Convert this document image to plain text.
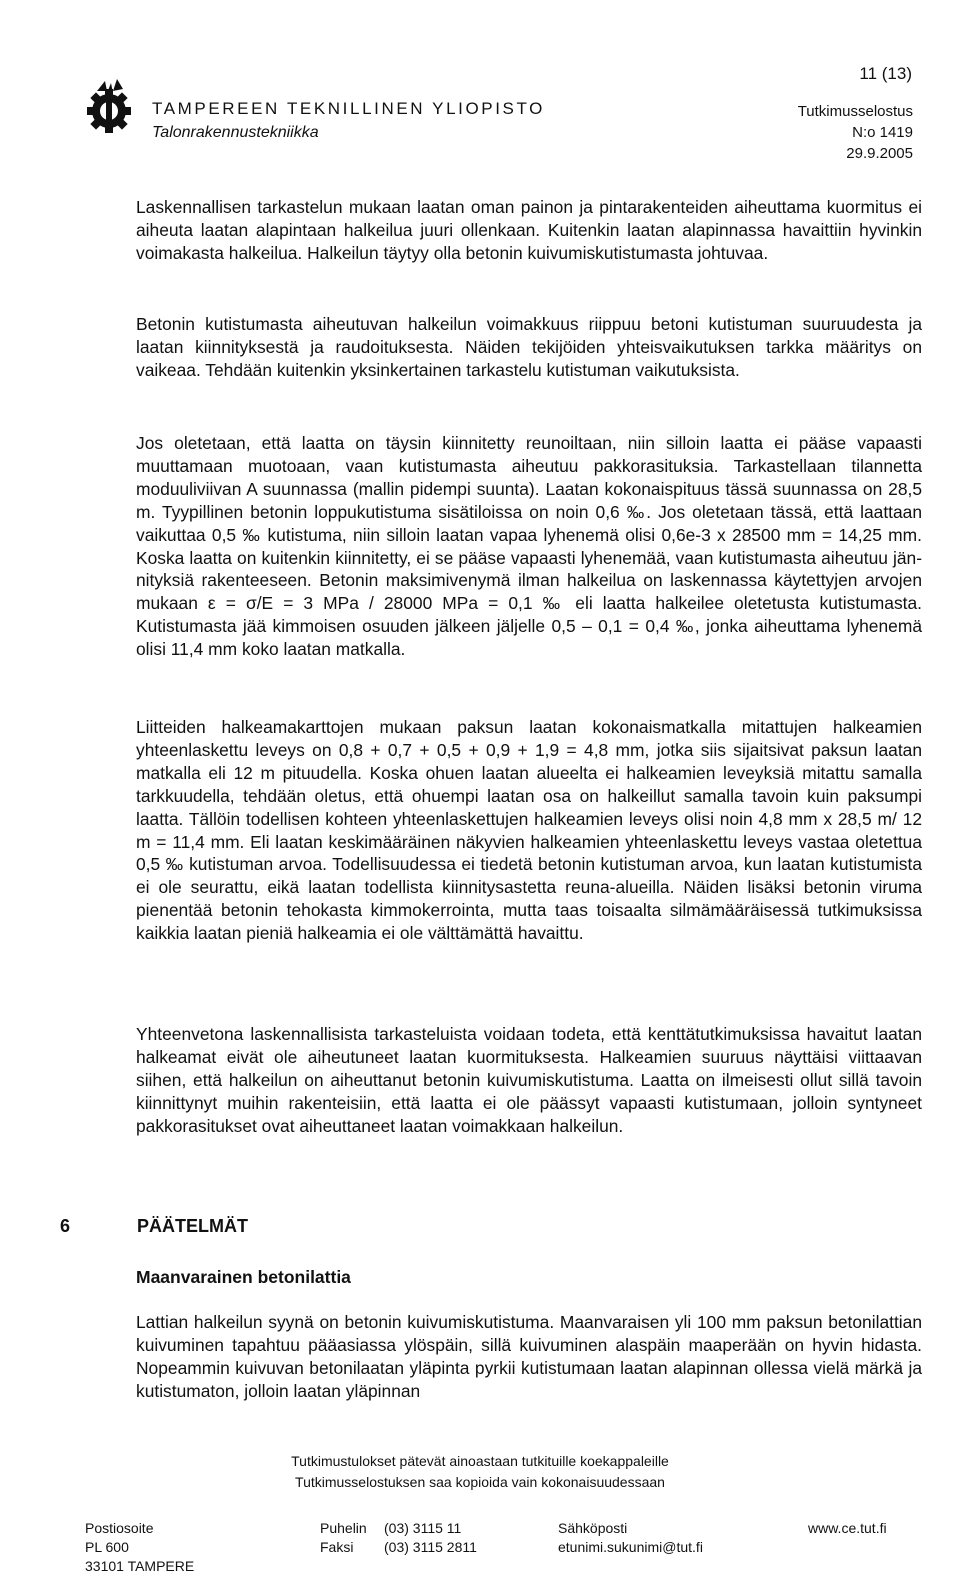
TAMPEREEN TEKNILLINEN YLIOPISTO
Talonrakennustekniikka
11 (13)
Tutkimusselostus
N:o 1419
29.9.2005

Laskennallisen tarkastelun mukaan laatan oman painon ja pintarakenteiden aiheuttama kuormitus ei aiheuta laatan alapintaan halkeilua juuri ollenkaan. Kuitenkin laatan alapinnassa havaittiin hyvinkin voimakasta halkeilua. Halkeilun täytyy olla betonin kuivumiskutistumasta johtuvaa.

Betonin kutistumasta aiheutuvan halkeilun voimakkuus riippuu betoni kutistuman suuruudesta ja laatan kiinnityksestä ja raudoituksesta. Näiden tekijöiden yhteisvaikutuksen tarkka määritys on vaikeaa. Tehdään kuitenkin yksinkertainen tarkastelu kutistuman vaikutuksista.

Jos oletetaan, että laatta on täysin kiinnitetty reunoiltaan, niin silloin laatta ei pääse vapaasti muuttamaan muotoaan, vaan kutistumasta aiheutuu pakkorasituksia. Tarkastellaan tilannetta moduuliviivan A suunnassa (mallin pidempi suunta). Laatan kokonaispituus tässä suunnassa on 28,5 m. Tyypillinen betonin loppukutistuma sisätiloissa on noin 0,6 ‰. Jos oletetaan tässä, että laattaan vaikuttaa 0,5 ‰ kutistuma, niin silloin laatan vapaa lyhenemä olisi 0,6e-3 x 28500 mm = 14,25 mm. Koska laatta on kuitenkin kiinnitetty, ei se pääse vapaasti lyhenemää, vaan kutistumasta aiheutuu jännityksiä rakenteeseen. Betonin maksimivenymä ilman halkeilua on laskennassa käytettyjen arvojen mukaan ε = σ/E = 3 MPa / 28000 MPa = 0,1 ‰ eli laatta halkeilee oletetusta kutistumasta. Kutistumasta jää kimmoisen osuuden jälkeen jäljelle 0,5 – 0,1 = 0,4 ‰, jonka aiheuttama lyhenemä olisi 11,4 mm koko laatan matkalla.

Liitteiden halkeamakarttojen mukaan paksun laatan kokonaismatkalla mitattujen halkeamien yhteenlaskettu leveys on 0,8 + 0,7 + 0,5 + 0,9 + 1,9 = 4,8 mm, jotka siis sijaitsivat paksun laatan matkalla eli 12 m pituudella. Koska ohuen laatan alueelta ei halkeamien leveyksiä mitattu samalla tarkkuudella, tehdään oletus, että ohuempi laatan osa on halkeillut samalla tavoin kuin paksumpi laatta. Tällöin todellisen kohteen yhteenlaskettujen halkeamien leveys olisi noin 4,8 mm x 28,5 m/ 12 m = 11,4 mm. Eli laatan keskimääräinen näkyvien halkeamien yhteenlaskettu leveys vastaa oletettua 0,5 ‰ kutistuman arvoa. Todellisuudessa ei tiedetä betonin kutistuman arvoa, kun laatan kutistumista ei ole seurattu, eikä laatan todellista kiinnitysastetta reuna-alueilla. Näiden lisäksi betonin viruma pienentää betonin tehokasta kimmokerrointa, mutta taas toisaalta silmämääräisessä tutkimuksissa kaikkia laatan pieniä halkeamia ei ole välttämättä havaittu.

Yhteenvetona laskennallisista tarkasteluista voidaan todeta, että kenttätutkimuksissa havaitut laatan halkeamat eivät ole aiheutuneet laatan kuormituksesta. Halkeamien suuruus näyttäisi viittaavan siihen, että halkeilun on aiheuttanut betonin kuivumiskutistuma. Laatta on ilmeisesti ollut sillä tavoin kiinnittynyt muihin rakenteisiin, että laatta ei ole päässyt vapaasti kutistumaan, jolloin syntyneet pakkorasitukset ovat aiheuttaneet laatan voimakkaan halkeilun.

6	PÄÄTELMÄT
Maanvarainen betonilattia

Lattian halkeilun syynä on betonin kuivumiskutistuma. Maanvaraisen yli 100 mm paksun betonilattian kuivuminen tapahtuu pääasiassa ylöspäin, sillä kuivuminen alaspäin maaperään on hyvin hidasta. Nopeammin kuivuvan betonilaatan yläpinta pyrkii kutistumaan laatan alapinnan ollessa vielä märkä ja kutistumaton, jolloin laatan yläpinnan

Tutkimustulokset pätevät ainoastaan tutkituille koekappaleille
Tutkimusselostuksen saa kopioida vain kokonaisuudessaan
Postiosoite
PL 600
33101 TAMPERE
Puhelin	(03) 3115 11
Faksi	(03) 3115 2811
Sähköposti
etunimi.sukunimi@tut.fi
www.ce.tut.fi
